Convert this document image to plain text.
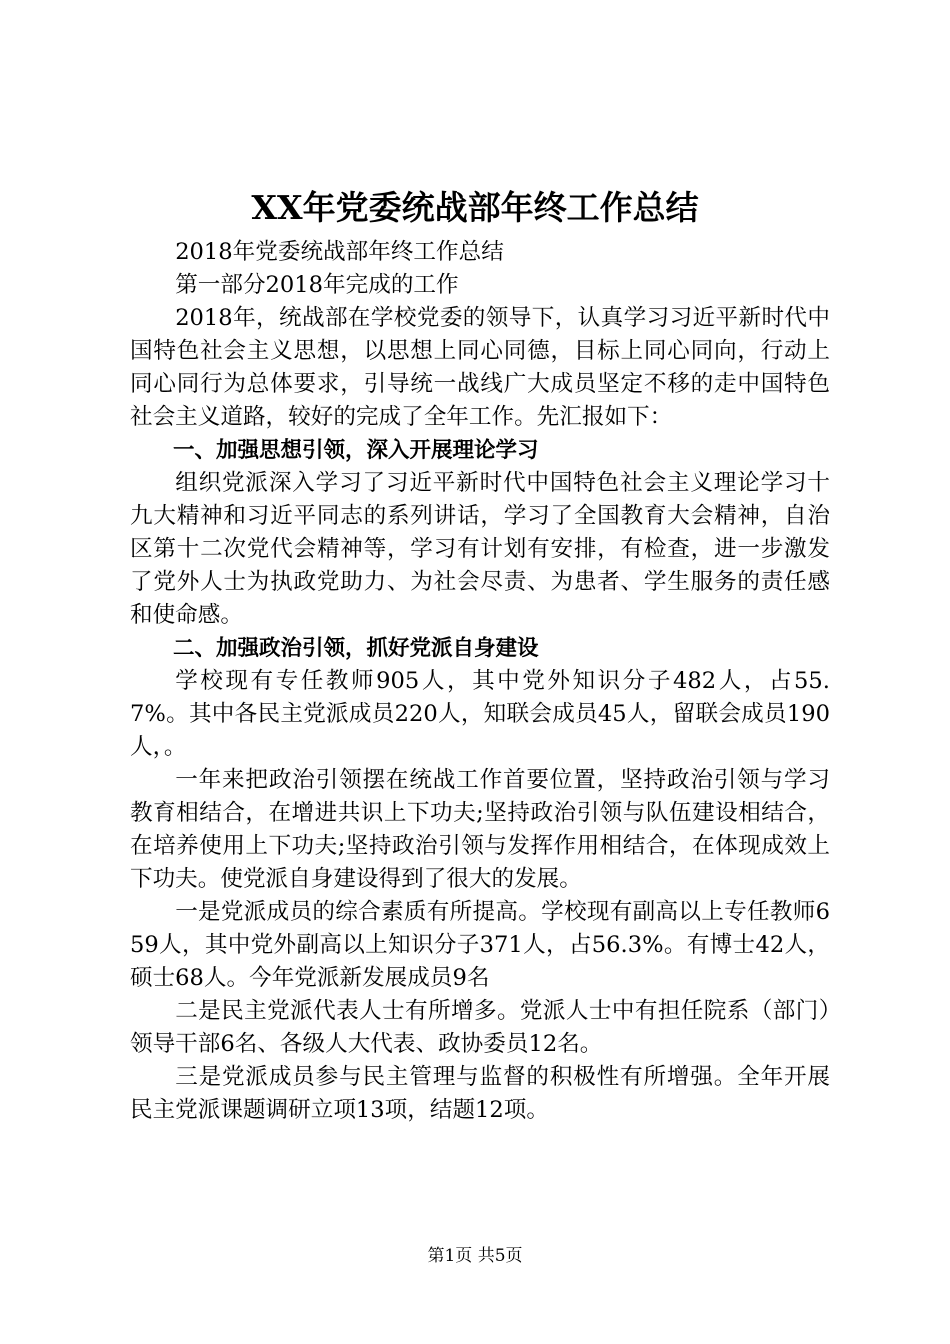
XX年党委统战部年终工作总结

2018年党委统战部年终工作总结

第一部分2018年完成的工作

2018年，统战部在学校党委的领导下，认真学习习近平新时代中国特色社会主义思想，以思想上同心同德，目标上同心同向，行动上同心同行为总体要求，引导统一战线广大成员坚定不移的走中国特色社会主义道路，较好的完成了全年工作。先汇报如下：

一、加强思想引领，深入开展理论学习

组织党派深入学习了习近平新时代中国特色社会主义理论学习十九大精神和习近平同志的系列讲话，学习了全国教育大会精神，自治区第十二次党代会精神等，学习有计划有安排，有检查，进一步激发了党外人士为执政党助力、为社会尽责、为患者、学生服务的责任感和使命感。

二、加强政治引领，抓好党派自身建设

学校现有专任教师905人，其中党外知识分子482人，占55.7%。其中各民主党派成员220人，知联会成员45人，留联会成员190人，。

一年来把政治引领摆在统战工作首要位置，坚持政治引领与学习教育相结合，在增进共识上下功夫;坚持政治引领与队伍建设相结合，在培养使用上下功夫;坚持政治引领与发挥作用相结合，在体现成效上下功夫。使党派自身建设得到了很大的发展。

一是党派成员的综合素质有所提高。学校现有副高以上专任教师659人，其中党外副高以上知识分子371人，占56.3%。有博士42人，硕士68人。今年党派新发展成员9名

二是民主党派代表人士有所增多。党派人士中有担任院系（部门）领导干部6名、各级人大代表、政协委员12名。

三是党派成员参与民主管理与监督的积极性有所增强。全年开展民主党派课题调研立项13项，结题12项。

第1页 共5页
